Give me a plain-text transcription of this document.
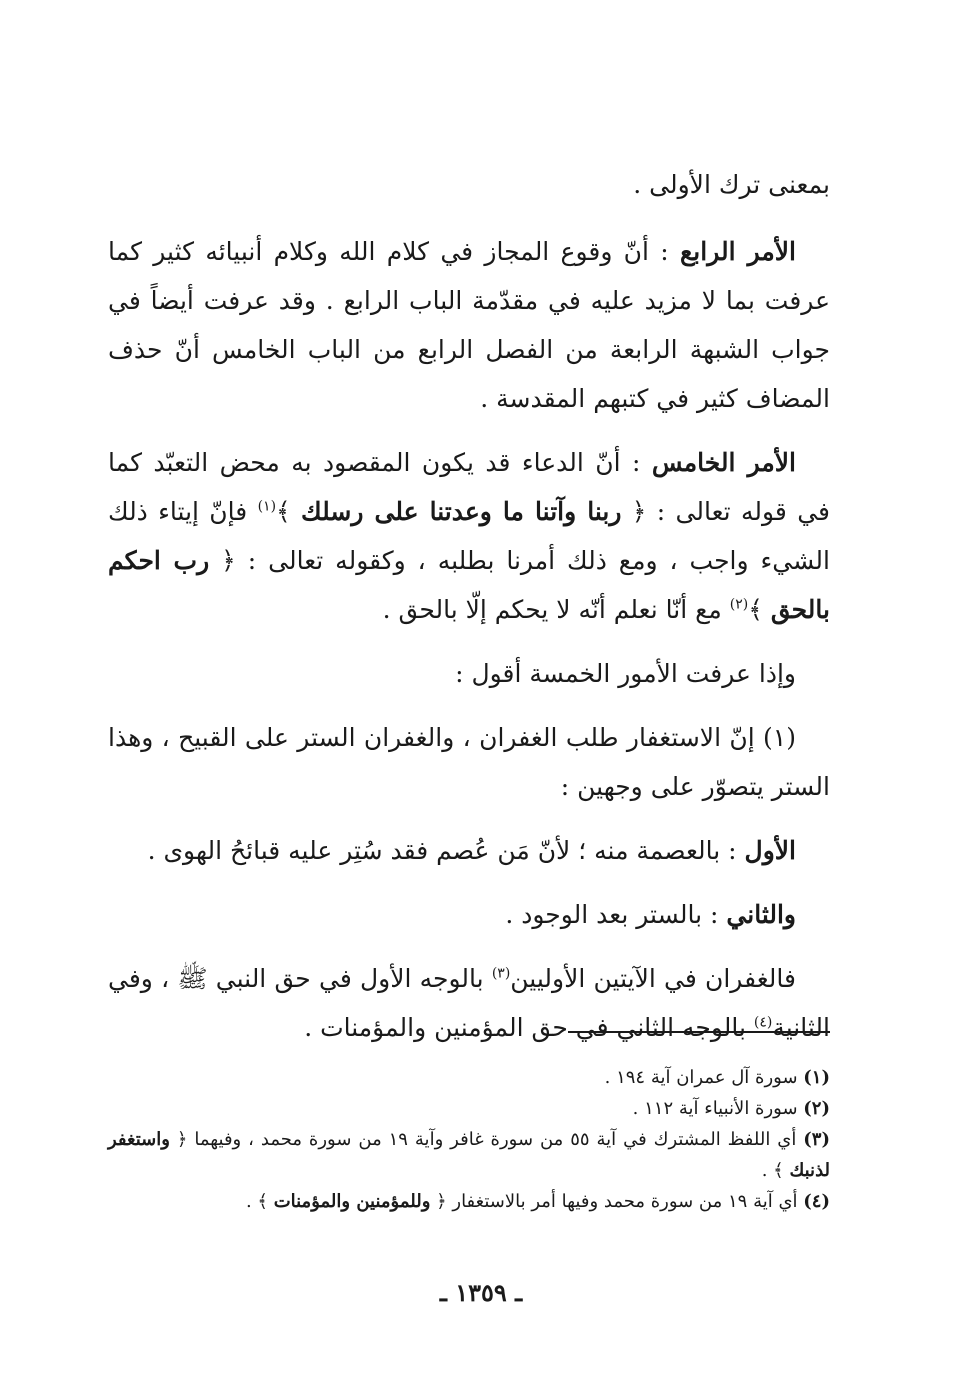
بمعنى ترك الأولى .

الأمر الرابع : أنّ وقوع المجاز في كلام الله وكلام أنبيائه كثير كما عرفت بما لا مزيد عليه في مقدّمة الباب الرابع . وقد عرفت أيضاً في جواب الشبهة الرابعة من الفصل الرابع من الباب الخامس أنّ حذف المضاف كثير في كتبهم المقدسة .

الأمر الخامس : أنّ الدعاء قد يكون المقصود به محض التعبّد كما في قوله تعالى : ﴿ ربنا وآتنا ما وعدتنا على رسلك ﴾$^{(١)}$ فإنّ إيتاء ذلك الشيء واجب ، ومع ذلك أمرنا بطلبه ، وكقوله تعالى : ﴿ رب احكم بالحق ﴾$^{(٢)}$ مع أنّا نعلم أنّه لا يحكم إلّا بالحق .

وإذا عرفت الأمور الخمسة أقول :

(١) إنّ الاستغفار طلب الغفران ، والغفران الستر على القبيح ، وهذا الستر يتصوّر على وجهين :

الأول : بالعصمة منه ؛ لأنّ مَن عُصم فقد سُتِر عليه قبائحُ الهوى .

والثاني : بالستر بعد الوجود .

فالغفران في الآيتين الأوليين$^{(٣)}$ بالوجه الأول في حق النبي ﷺ ، وفي الثانية$^{(٤)}$ بالوجه الثاني في حق المؤمنين والمؤمنات .

(١) سورة آل عمران آية ١٩٤ .

(٢) سورة الأنبياء آية ١١٢ .

(٣) أي اللفظ المشترك في آية ٥٥ من سورة غافر وآية ١٩ من سورة محمد ، وفيهما ﴿ واستغفر لذنبك ﴾ .

(٤) أي آية ١٩ من سورة محمد وفيها أمر بالاستغفار ﴿ وللمؤمنين والمؤمنات ﴾ .

ـ ١٣٥٩ ـ
